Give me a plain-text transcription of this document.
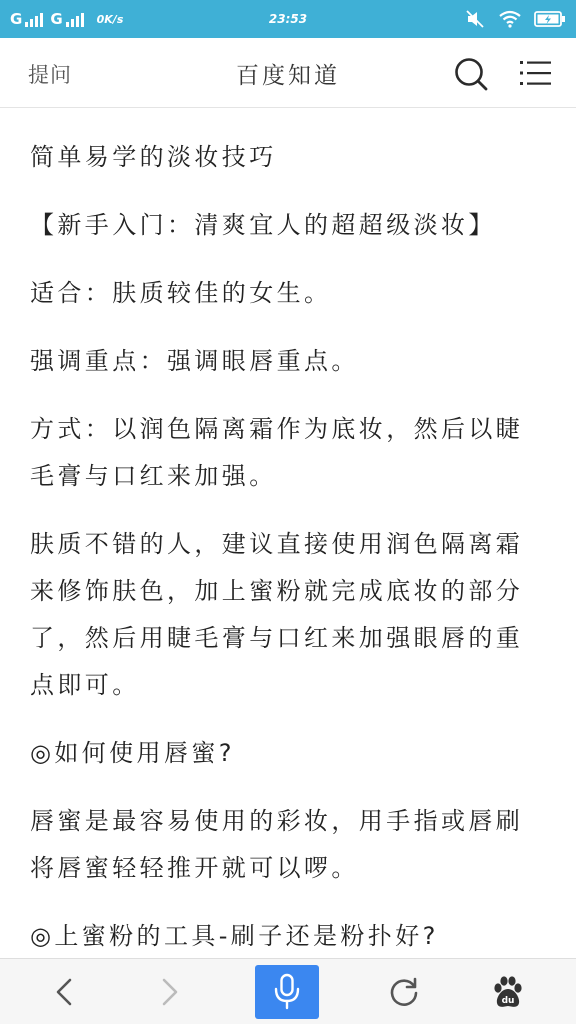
G G	0K/s	23:53
提问	百度知道

简单易学的淡妆技巧

【新手入门：清爽宜人的超超级淡妆】

适合：肤质较佳的女生。

强调重点：强调眼唇重点。

方式：以润色隔离霜作为底妆，然后以睫毛膏与口红来加强。

肤质不错的人，建议直接使用润色隔离霜来修饰肤色，加上蜜粉就完成底妆的部分了，然后用睫毛膏与口红来加强眼唇的重点即可。

◎如何使用唇蜜?

唇蜜是最容易使用的彩妆，用手指或唇刷将唇蜜轻轻推开就可以啰。

◎上蜜粉的工具-刷子还是粉扑好?

du
